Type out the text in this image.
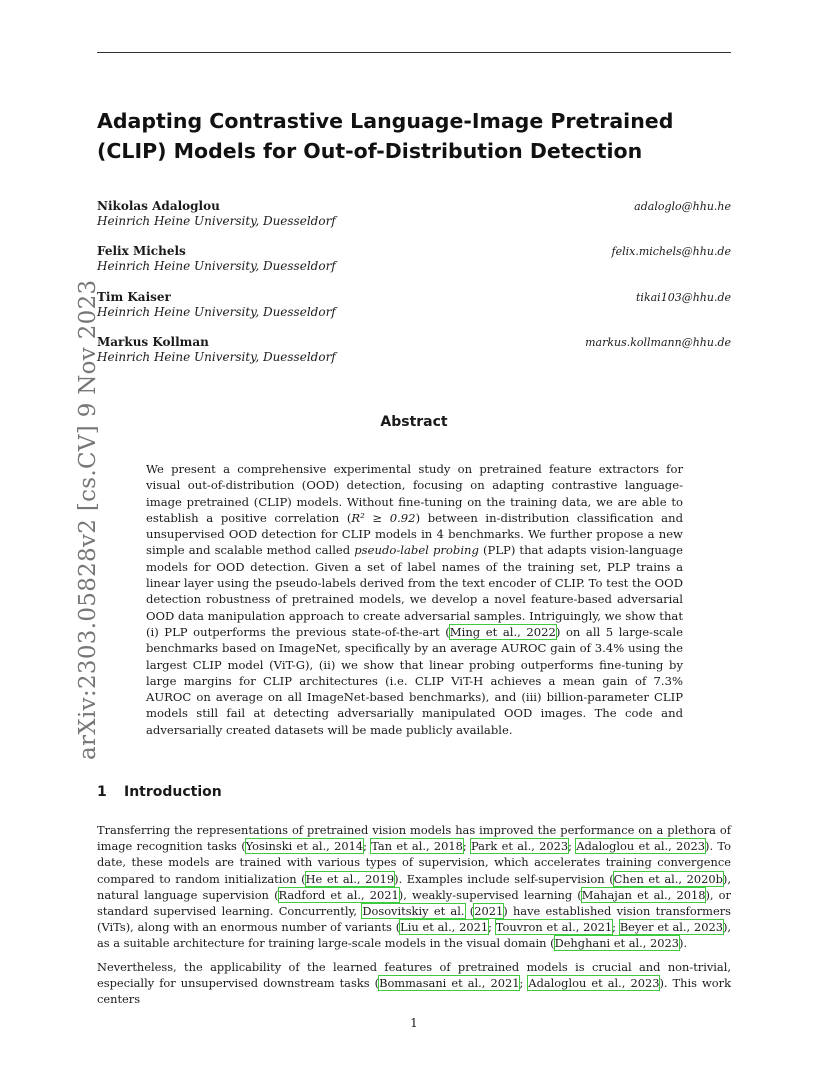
arXiv:2303.05828v2 [cs.CV] 9 Nov 2023
Adapting Contrastive Language-Image Pretrained (CLIP) Models for Out-of-Distribution Detection
Nikolas Adaloglou
Heinrich Heine University, Duesseldorf
adaloglo@hhu.he
Felix Michels
Heinrich Heine University, Duesseldorf
felix.michels@hhu.de
Tim Kaiser
Heinrich Heine University, Duesseldorf
tikai103@hhu.de
Markus Kollman
Heinrich Heine University, Duesseldorf
markus.kollmann@hhu.de
Abstract

We present a comprehensive experimental study on pretrained feature extractors for visual out-of-distribution (OOD) detection, focusing on adapting contrastive language-image pretrained (CLIP) models. Without fine-tuning on the training data, we are able to establish a positive correlation (R² ≥ 0.92) between in-distribution classification and unsupervised OOD detection for CLIP models in 4 benchmarks. We further propose a new simple and scalable method called pseudo-label probing (PLP) that adapts vision-language models for OOD detection. Given a set of label names of the training set, PLP trains a linear layer using the pseudo-labels derived from the text encoder of CLIP. To test the OOD detection robustness of pretrained models, we develop a novel feature-based adversarial OOD data manipulation approach to create adversarial samples. Intriguingly, we show that (i) PLP outperforms the previous state-of-the-art (Ming et al., 2022) on all 5 large-scale benchmarks based on ImageNet, specifically by an average AUROC gain of 3.4% using the largest CLIP model (ViT-G), (ii) we show that linear probing outperforms fine-tuning by large margins for CLIP architectures (i.e. CLIP ViT-H achieves a mean gain of 7.3% AUROC on average on all ImageNet-based benchmarks), and (iii) billion-parameter CLIP models still fail at detecting adversarially manipulated OOD images. The code and adversarially created datasets will be made publicly available.

1 Introduction

Transferring the representations of pretrained vision models has improved the performance on a plethora of image recognition tasks (Yosinski et al., 2014; Tan et al., 2018; Park et al., 2023; Adaloglou et al., 2023). To date, these models are trained with various types of supervision, which accelerates training convergence compared to random initialization (He et al., 2019). Examples include self-supervision (Chen et al., 2020b), natural language supervision (Radford et al., 2021), weakly-supervised learning (Mahajan et al., 2018), or standard supervised learning. Concurrently, Dosovitskiy et al. (2021) have established vision transformers (ViTs), along with an enormous number of variants (Liu et al., 2021; Touvron et al., 2021; Beyer et al., 2023), as a suitable architecture for training large-scale models in the visual domain (Dehghani et al., 2023).

Nevertheless, the applicability of the learned features of pretrained models is crucial and non-trivial, especially for unsupervised downstream tasks (Bommasani et al., 2021; Adaloglou et al., 2023). This work centers

1
